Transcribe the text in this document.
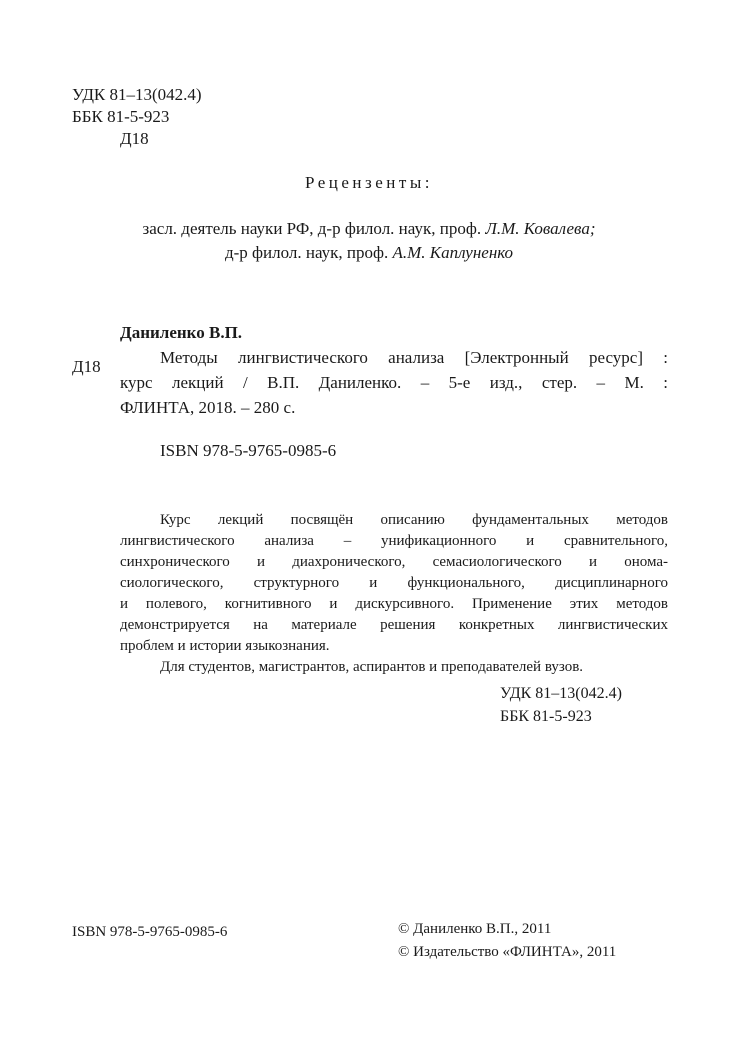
УДК 81–13(042.4)
ББК 81-5-923
Д18
Рецензенты:
засл. деятель науки РФ, д-р филол. наук, проф. Л.М. Ковалева;
д-р филол. наук, проф. А.М. Каплуненко
Даниленко В.П.
Д18	Методы лингвистического анализа [Электронный ресурс] :
курс лекций / В.П. Даниленко. – 5-е изд., стер. – М. :
ФЛИНТА, 2018. – 280 с.
ISBN 978-5-9765-0985-6
Курс лекций посвящён описанию фундаментальных методов
лингвистического анализа – унификационного и сравнительного,
синхронического и диахронического, семасиологического и онома-
сиологического, структурного и функционального, дисциплинарного
и полевого, когнитивного и дискурсивного. Применение этих методов
демонстрируется на материале решения конкретных лингвистических
проблем и истории языкознания.
Для студентов, магистрантов, аспирантов и преподавателей вузов.
УДК 81–13(042.4)
ББК 81-5-923
ISBN 978-5-9765-0985-6	© Даниленко В.П., 2011
© Издательство «ФЛИНТА», 2011
